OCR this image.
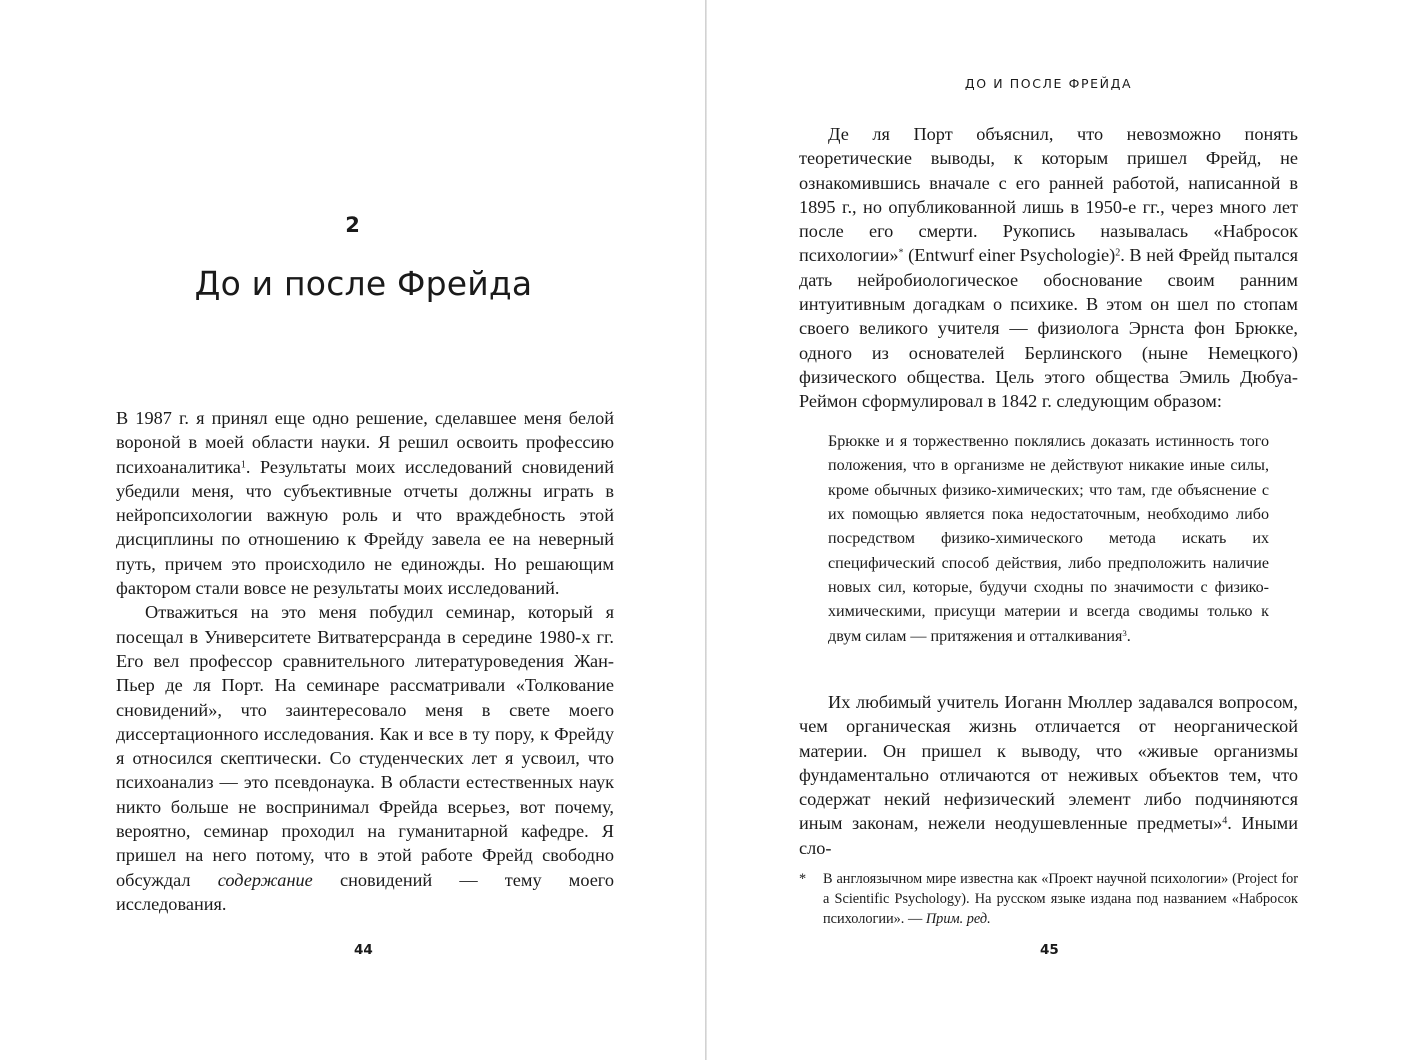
2
До и после Фрейда

В 1987 г. я принял еще одно решение, сделавшее меня белой вороной в моей области науки. Я решил освоить профессию психоаналитика$^1$. Результаты моих исследований сновидений убедили меня, что субъективные отчеты должны играть в нейропсихологии важную роль и что враждебность этой дисциплины по отношению к Фрейду завела ее на неверный путь, причем это происходило не единожды. Но решающим фактором стали вовсе не результаты моих исследований.

Отважиться на это меня побудил семинар, который я посещал в Университете Витватерсранда в середине 1980-х гг. Его вел профессор сравнительного литературоведения Жан-Пьер де ля Порт. На семинаре рассматривали «Толкование сновидений», что заинтересовало меня в свете моего диссертационного исследования. Как и все в ту пору, к Фрейду я относился скептически. Со студенческих лет я усвоил, что психоанализ — это псевдонаука. В области естественных наук никто больше не воспринимал Фрейда всерьез, вот почему, вероятно, семинар проходил на гуманитарной кафедре. Я пришел на него потому, что в этой работе Фрейд свободно обсуждал содержание сновидений — тему моего исследования.

44

ДО И ПОСЛЕ ФРЕЙДА

Де ля Порт объяснил, что невозможно понять теоретические выводы, к которым пришел Фрейд, не ознакомившись вначале с его ранней работой, написанной в 1895 г., но опубликованной лишь в 1950-е гг., через много лет после его смерти. Рукопись называлась «Набросок психологии»* (Entwurf einer Psychologie)$^2$. В ней Фрейд пытался дать нейробиологическое обоснование своим ранним интуитивным догадкам о психике. В этом он шел по стопам своего великого учителя — физиолога Эрнста фон Брюкке, одного из основателей Берлинского (ныне Немецкого) физического общества. Цель этого общества Эмиль Дюбуа-Реймон сформулировал в 1842 г. следующим образом:

Брюкке и я торжественно поклялись доказать истинность того положения, что в организме не действуют никакие иные силы, кроме обычных физико-химических; что там, где объяснение с их помощью является пока недостаточным, необходимо либо посредством физико-химического метода искать их специфический способ действия, либо предположить наличие новых сил, которые, будучи сходны по значимости с физико-химическими, присущи материи и всегда сводимы только к двум силам — притяжения и отталкивания$^3$.
Их любимый учитель Иоганн Мюллер задавался вопросом, чем органическая жизнь отличается от неорганической материи. Он пришел к выводу, что «живые организмы фундаментально отличаются от неживых объектов тем, что содержат некий нефизический элемент либо подчиняются иным законам, нежели неодушевленные предметы»$^4$. Иными сло-
* В англоязычном мире известна как «Проект научной психологии» (Project for a Scientific Psychology). На русском языке издана под названием «Набросок психологии». — Прим. ред.

45
